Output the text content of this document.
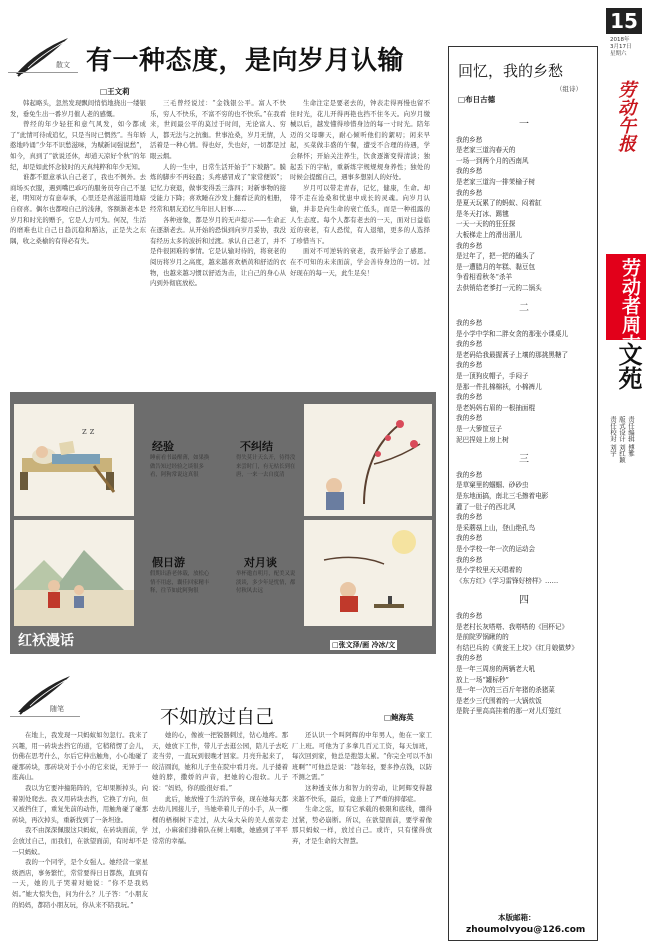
15
2018年
3月17日
星期六
劳动午报
劳动者周末
文苑
责任编辑 傅雅
版式设计 刘红颖
责任校对 刘宇
散文 有一种态度，是向岁月认输
□王文莉

韩起略头，忽然发现飘间悄悄地挠出一缕银发，垂免生出一番岁月催人老的感慨。

曾经的年少轻狂和意气风发，如今都成了“此情可待成追忆，只是当时已惘然”。当年娇憨地吟诵“少年不识愁滋味，为赋新词强说愁”，如今，真到了“欲说还休，却道天凉好个秋”的年纪，却是如此怀念彼时的天真纯粹和年少无知。

谁都不愿意承认自己老了，我也不例外。去商场买衣服，遇到嘴巴乖巧的服务员夸自己不显老，明知对方有意奉承，心里还是喜滋滋用地暗自窃喜。偶尔也都嗅自己的浅薄，客额渐老本是岁月和时光的赠予，它是人力可为。何况，生活的磨难也让自己日趋沉稳和豁达，正是失之东隅，收之桑榆的有得必有失。

三毛曾经说过：“金钱银公平。富人不快乐，穷人不快乐，不富不穷的也不快乐。”在我看来，世间最公平的莫过于时间，无论富人、穷人，都无法与之抗衡。世事沧桑，岁月无情，人活着是一种心情。得也好，失也好，一切都是过眼云烟。

人的一生中，日常生活开始于“下坡路”。膜炼的脚步不再轻盈；头疼感冒成了“家常便饭”；记忆力衰退，做事变得丢三落四；对新事物的接受能力下降；喜欢睡在沙发上翻看泛黄的相册，经常和朋友追忆当年旧人旧事……

各种迹象，都是岁月的无声提示——生命正在逐渐老去。从开始的恐惧到向岁月妥协，我没有经历太多的波折和过渡。承认自己老了，并不是件很困难的事情。它是认输对待的，将衰老的阅历将岁月之高度，越来越喜欢梧黄和舒适的衣物，也越来越习惯以舒适为击，让自己的身心从内到外彻底放松。

生命注定是要老去的，钟表走得再慢也留不住时光，花儿开得再艳也挡不住冬天。向岁月缴械以后，越发懂得珍惜身边的每一寸时光。陪年迈的父母聊天，耐心倾听他们的絮叨；闲来早起，买菜做丰盛的午餐，遭受不合理的待遇，学会释怀；开始关注养生，饮食逐渐变得清淡；独起丢下的字帖，重新练字规规规身养性；独处的时候会提醒自己，遇事多想别人的好处。

岁月可以带走青春，记忆，健康，生命。却带不走在沧桑和忧患中成长的灵魂。向岁月认输，并非是向生命的衰亡低头，而是一种祖露的人生态度。每个人都有老去的一天，面对日益临近的衰老，有人恐慌，有人退缩，更多的人选择了珍惜当下。

面对不可逆转的衰老，我开始学会了感恩。在不可知的未来面前，学会善待身边的一切。过好现在的每一天，此生足矣！

回忆，我的乡愁
（组诗）
□布日古德
一
我的乡愁
是老家三道沟春天的
一场一到两个月的西南风
我的乡愁
是老家三道沟一排茉榆子树
我的乡愁
是夏天玩累了的蚂蚁、闷着缸
是冬天打冰、踢毽
一天一天的的狂狂探
大板梯走上的滑出溜儿
我的乡愁
是过年了，把一把的磕头了
是一遭腊月的年糕、黏豆包
争看相看秋冬“杀羊
去供销给老爹打一元的二锅头
二
我的乡愁
是小学中学和二胖女贪的那张小课桌儿
我的乡愁
是老码给我最握蒿子上壤的那挑黑糖了
我的乡愁
是一顶狗皮帽子，手闷子
是那一件扎棉棉袄，小棉裤儿
我的乡愁
是老妈妈右眉的一根抽面棍
我的乡愁
是一大箩筐豆子
泥巴捏娃上房上树
三
我的乡愁
是草窠里的蝈蝈、砂砂虫
是东地面搞，南北三毛擦着电影
灌了一肚子的西北风
我的乡愁
是采蘑菇上山，登山绝孔鸟
我的乡愁
是小学校一年一次的运动会
我的乡愁
是小学校里天天唱着的
《东方红》《学习雷锋好榜样》……
四
我的乡愁
是老村长灰嗒嗒、我嗒嗒的《回杯记》
是前院罗锅瞅的的
有结巴兵的《黄瓮王上坟》《红月娘做梦》
我的乡愁
是一年三周房的两辆老大吼
放上一场“罐标秒”
是一年一次的三百斤年猪的杀猪菜
是老少三代围着的一大锅炊饭
是院子里高高挂着的那一对儿灯笼红
本版邮箱：
zhoumolvyou@126.com
z z
经验
睡前看书最醒薄，如果换做告知过经验之谈很多看，阿狗常说这真很
不纠结
得失莫计天么开，待得没来尝时门，有无枯长到在唐，一来一去自度清
假日游
假期出游老体载，放松心情不用虑，囊佳回家精丰释，往节如此阿狗很
对月谈
举杯邀直明月，配美又说淡谈，多少年是忧情，都付秋风去远
红袄漫话	□张文泽/画 冷冰/文
随笔	不如放过自己	□鲍海英

在地上，我发现一只蚂蚁如勿忽行。我来了兴趣，用一砖块去挡它的道，它稍稍愣了会儿，仿佛在思考什么，尔后它伸出触角，小心地碰了碰那砖块，那砖块对于小小的它来说，无异于一座高山。

我以为它要冲撞陷阵的，它却果断掉头，向着别处爬去。我又用砖块去挡，它换了方向，但又被挡住了，重复先前的动作，用触角碰了碰那砖块，再次掉头，重新找到了一条坦途。

我不由深深佩服这只蚂蚁，在砖块面前，学会放过自己，而我们，在欲望面前，有时却不是一只蚂蚁。

我的一个同学，是个女强人。她经营一家星级酒店，事务繁忙，常常要得日日都熬，直到有一天，她的儿子哭着对她说：“你不是我妈妈。”她大惊失色，问为什么？儿子答：“小朋友的妈妈，都陪小朋友玩，你从来不陪我玩。”

她的心，像被一把锐器刺过，钻心地疼。那天，她放下工作，带儿子去逛公园，陪儿子去吃麦当劳，一直玩到很晚才回家。月亮升起来了，皎洁圆润，她和儿子坐在院中看月亮。儿子搂着她的脖，撒娇的声音，把她的心泡软。儿子说：“妈妈，你的脸很好看。”

此后，她放慢了生活的节奏，现在她每天都去幼儿园接儿子，当她牵着儿子的小手，从一棵棵的梧桐树下走过，从大朵大朵的美人蕉旁走过，小麻雀们排着队在树上唱歌，她感到了平平常常的幸福。

还认识一个叫阿辉的中年男人，他在一家工厂上班。可他为了多拿几百元工资，每天加班，每次回到家，他总是抱怨太累。“你完全可以不加班啊”“可他总是说：“趁年轻，要多挣点钱，以防不测之需。”

这种透支体力和智力的劳动，让阿辉变得越来越不快乐，最后，竟患上了严重的抑郁症。

生命之弦，原有它承载的极限和底线，绷得过紧，势必崩断。所以，在欲望面前，要学着像那只蚂蚁一样，放过自己。或许，只有懂得放弃，才是生命的大智慧。
